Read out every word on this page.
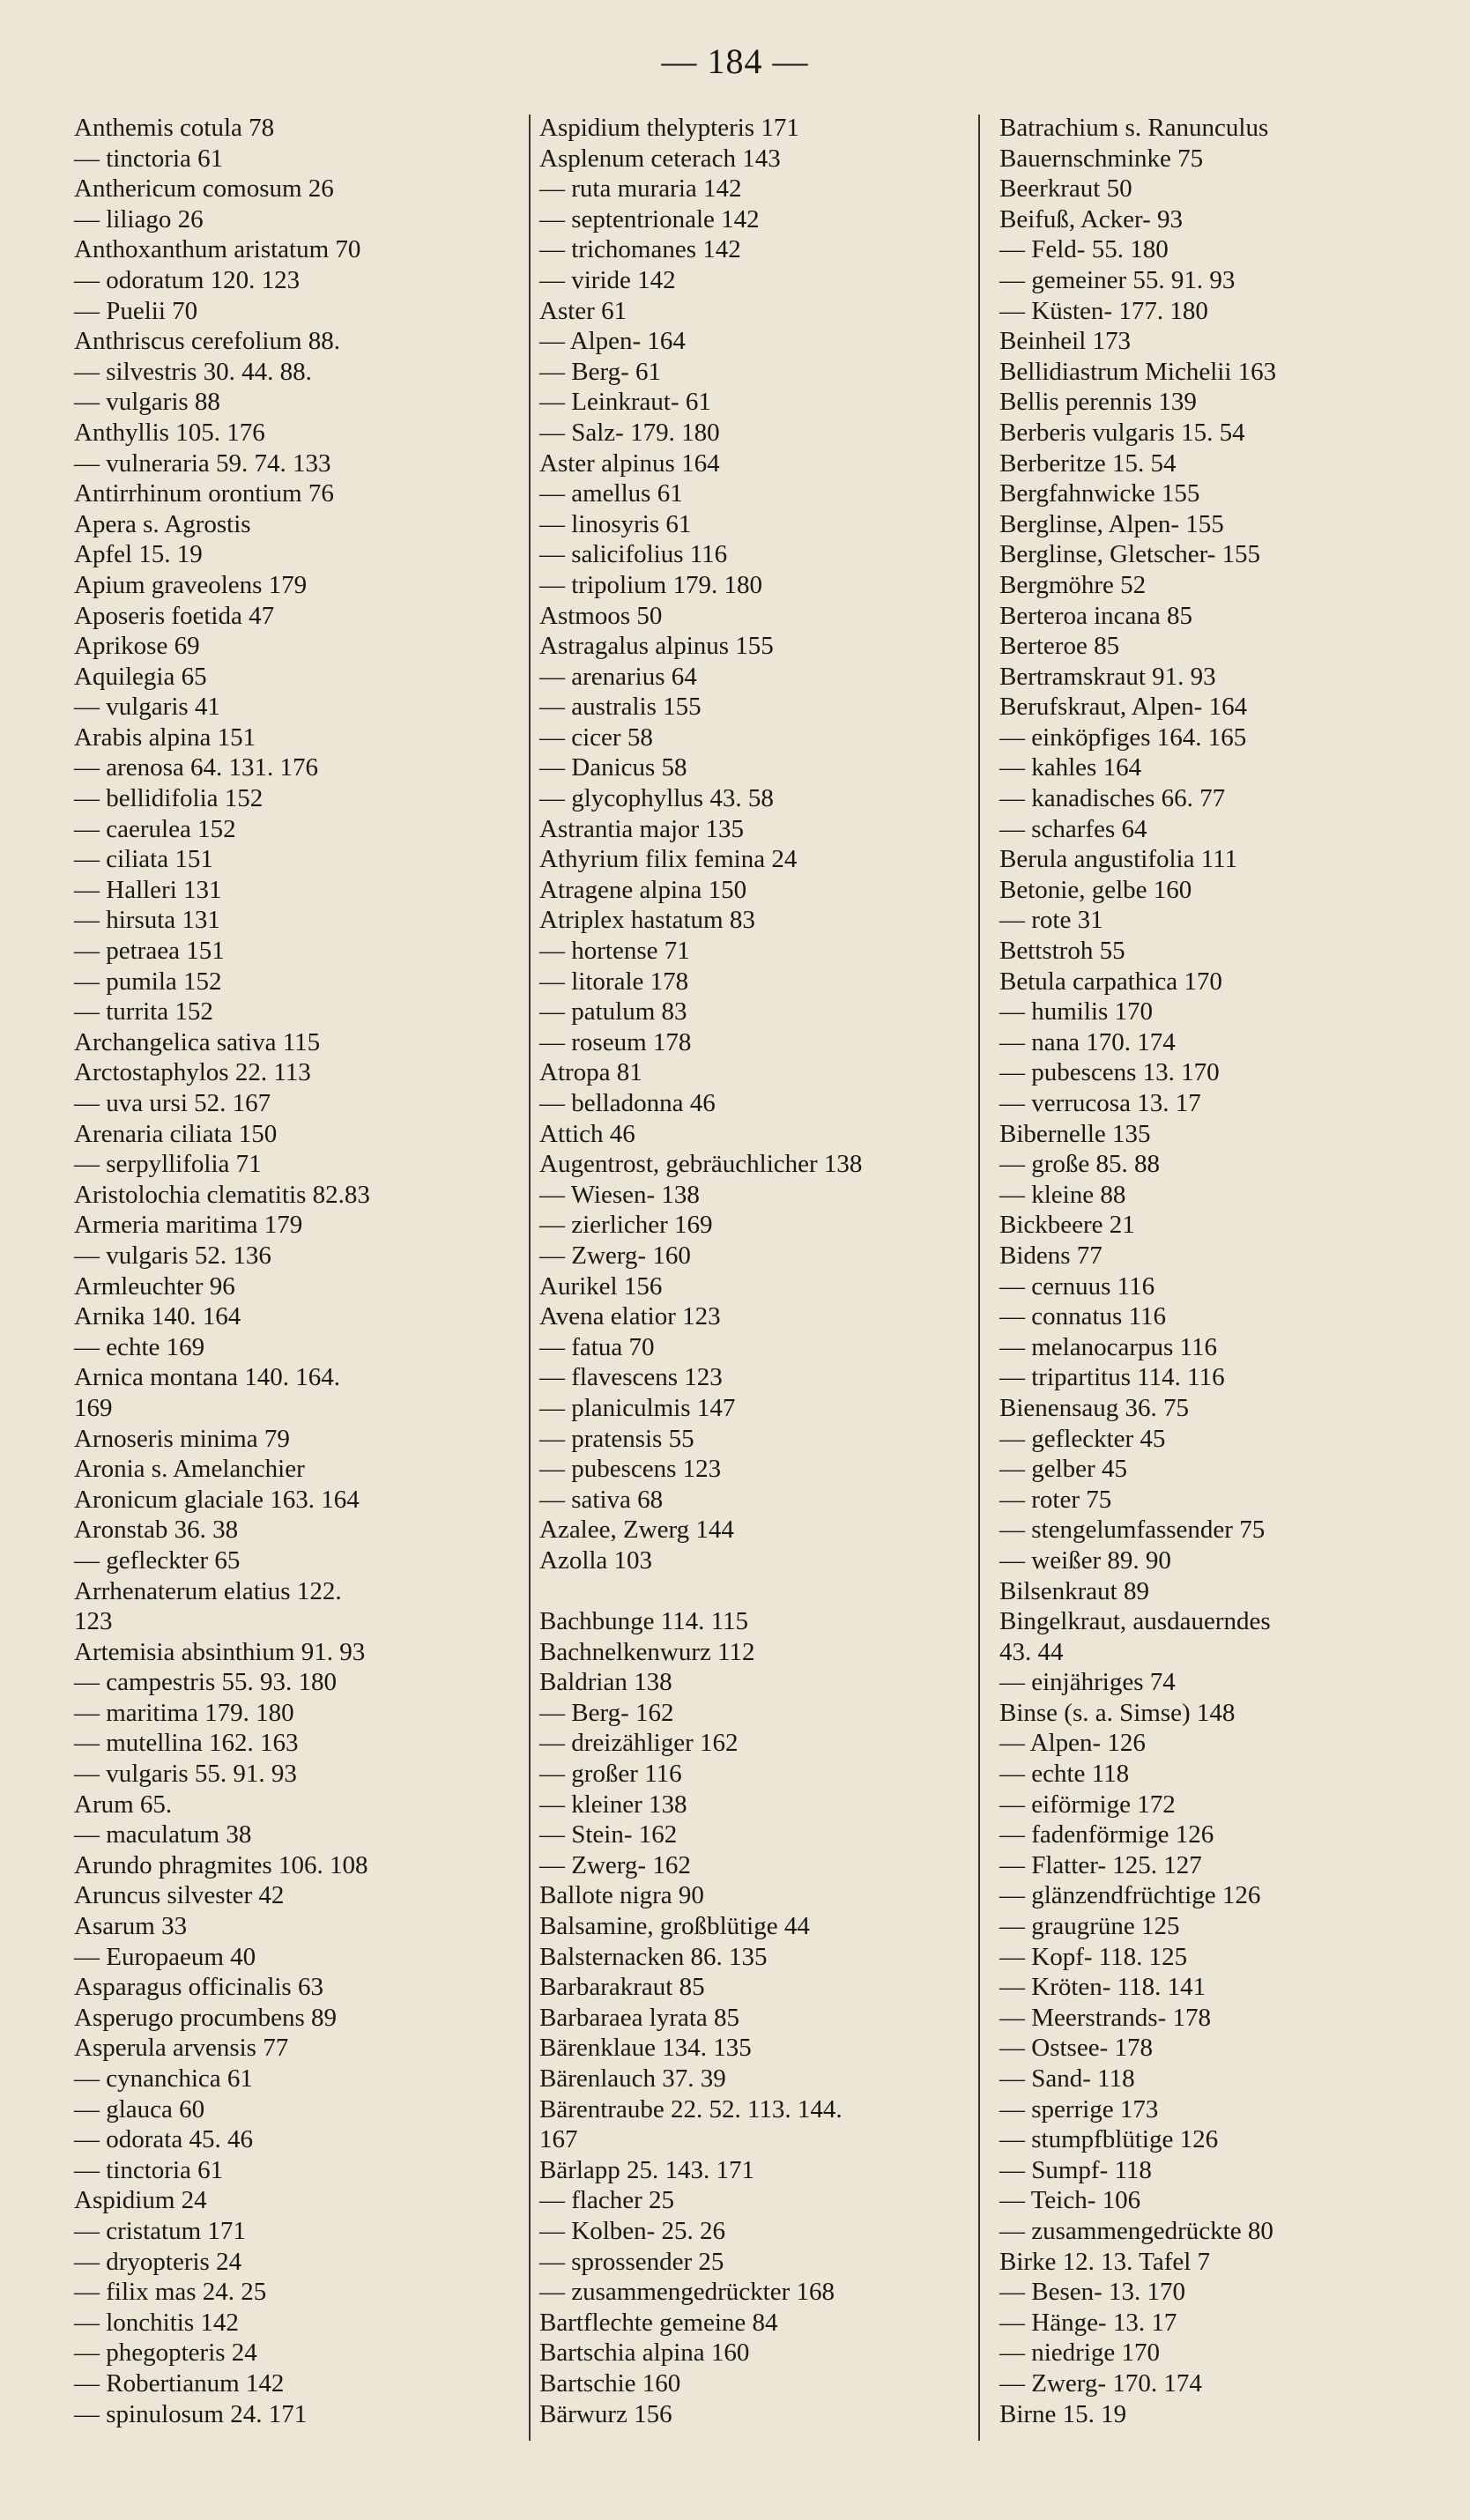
— 184 —
Anthemis cotula 78
— tinctoria 61
Anthericum comosum 26
— liliago 26
Anthoxanthum aristatum 70
— odoratum 120. 123
— Puelii 70
Anthriscus cerefolium 88.
— silvestris 30. 44. 88.
— vulgaris 88
Anthyllis 105. 176
— vulneraria 59. 74. 133
Antirrhinum orontium 76
Apera s. Agrostis
Apfel 15. 19
Apium graveolens 179
Aposeris foetida 47
Aprikose 69
Aquilegia 65
— vulgaris 41
Arabis alpina 151
— arenosa 64. 131. 176
— bellidifolia 152
— caerulea 152
— ciliata 151
— Halleri 131
— hirsuta 131
— petraea 151
— pumila 152
— turrita 152
Archangelica sativa 115
Arctostaphylos 22. 113
— uva ursi 52. 167
Arenaria ciliata 150
— serpyllifolia 71
Aristolochia clematitis 82.83
Armeria maritima 179
— vulgaris 52. 136
Armleuchter 96
Arnika 140. 164
— echte 169
Arnica montana 140. 164.
169
Arnoseris minima 79
Aronia s. Amelanchier
Aronicum glaciale 163. 164
Aronstab 36. 38
— gefleckter 65
Arrhenaterum elatius 122.
123
Artemisia absinthium 91. 93
— campestris 55. 93. 180
— maritima 179. 180
— mutellina 162. 163
— vulgaris 55. 91. 93
Arum 65.
— maculatum 38
Arundo phragmites 106. 108
Aruncus silvester 42
Asarum 33
— Europaeum 40
Asparagus officinalis 63
Asperugo procumbens 89
Asperula arvensis 77
— cynanchica 61
— glauca 60
— odorata 45. 46
— tinctoria 61
Aspidium 24
— cristatum 171
— dryopteris 24
— filix mas 24. 25
— lonchitis 142
— phegopteris 24
— Robertianum 142
— spinulosum 24. 171
Aspidium thelypteris 171
Asplenum ceterach 143
— ruta muraria 142
— septentrionale 142
— trichomanes 142
— viride 142
Aster 61
— Alpen- 164
— Berg- 61
— Leinkraut- 61
— Salz- 179. 180
Aster alpinus 164
— amellus 61
— linosyris 61
— salicifolius 116
— tripolium 179. 180
Astmoos 50
Astragalus alpinus 155
— arenarius 64
— australis 155
— cicer 58
— Danicus 58
— glycophyllus 43. 58
Astrantia major 135
Athyrium filix femina 24
Atragene alpina 150
Atriplex hastatum 83
— hortense 71
— litorale 178
— patulum 83
— roseum 178
Atropa 81
— belladonna 46
Attich 46
Augentrost, gebräuchlicher 138
— Wiesen- 138
— zierlicher 169
— Zwerg- 160
Aurikel 156
Avena elatior 123
— fatua 70
— flavescens 123
— planiculmis 147
— pratensis 55
— pubescens 123
— sativa 68
Azalee, Zwerg 144
Azolla 103
Bachbunge 114. 115
Bachnelkenwurz 112
Baldrian 138
— Berg- 162
— dreizähliger 162
— großer 116
— kleiner 138
— Stein- 162
— Zwerg- 162
Ballote nigra 90
Balsamine, großblütige 44
Balsternacken 86. 135
Barbarakraut 85
Barbaraea lyrata 85
Bärenklaue 134. 135
Bärenlauch 37. 39
Bärentraube 22. 52. 113. 144.
167
Bärlapp 25. 143. 171
— flacher 25
— Kolben- 25. 26
— sprossender 25
— zusammengedrückter 168
Bartflechte gemeine 84
Bartschia alpina 160
Bartschie 160
Bärwurz 156
Batrachium s. Ranunculus
Bauernschminke 75
Beerkraut 50
Beifuß, Acker- 93
— Feld- 55. 180
— gemeiner 55. 91. 93
— Küsten- 177. 180
Beinheil 173
Bellidiastrum Michelii 163
Bellis perennis 139
Berberis vulgaris 15. 54
Berberitze 15. 54
Bergfahnwicke 155
Berglinse, Alpen- 155
Berglinse, Gletscher- 155
Bergmöhre 52
Berteroa incana 85
Berteroe 85
Bertramskraut 91. 93
Berufskraut, Alpen- 164
— einköpfiges 164. 165
— kahles 164
— kanadisches 66. 77
— scharfes 64
Berula angustifolia 111
Betonie, gelbe 160
— rote 31
Bettstroh 55
Betula carpathica 170
— humilis 170
— nana 170. 174
— pubescens 13. 170
— verrucosa 13. 17
Bibernelle 135
— große 85. 88
— kleine 88
Bickbeere 21
Bidens 77
— cernuus 116
— connatus 116
— melanocarpus 116
— tripartitus 114. 116
Bienensaug 36. 75
— gefleckter 45
— gelber 45
— roter 75
— stengelumfassender 75
— weißer 89. 90
Bilsenkraut 89
Bingelkraut, ausdauerndes
43. 44
— einjähriges 74
Binse (s. a. Simse) 148
— Alpen- 126
— echte 118
— eiförmige 172
— fadenförmige 126
— Flatter- 125. 127
— glänzendfrüchtige 126
— graugrüne 125
— Kopf- 118. 125
— Kröten- 118. 141
— Meerstrands- 178
— Ostsee- 178
— Sand- 118
— sperrige 173
— stumpfblütige 126
— Sumpf- 118
— Teich- 106
— zusammengedrückte 80
Birke 12. 13. Tafel 7
— Besen- 13. 170
— Hänge- 13. 17
— niedrige 170
— Zwerg- 170. 174
Birne 15. 19
